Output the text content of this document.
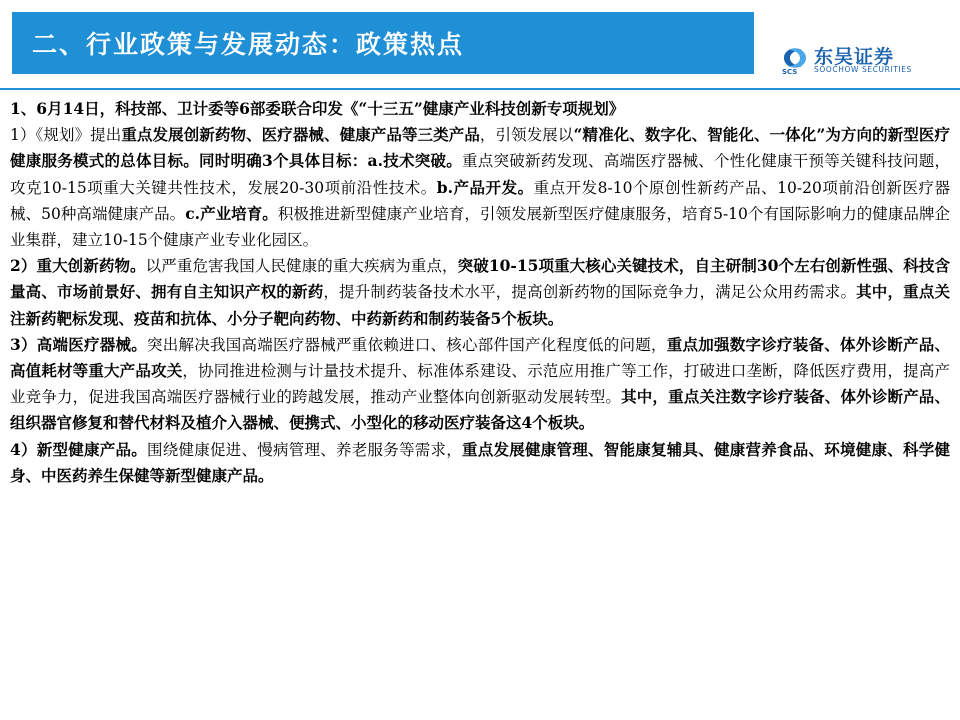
二、行业政策与发展动态：政策热点
SCS
东吴证券
SOOCHOW SECURITIES

1、6月14日，科技部、卫计委等6部委联合印发《“十三五”健康产业科技创新专项规划》

1）《规划》提出重点发展创新药物、医疗器械、健康产品等三类产品，引领发展以“精准化、数字化、智能化、一体化”为方向的新型医疗健康服务模式的总体目标。同时明确3个具体目标：a.技术突破。重点突破新药发现、高端医疗器械、个性化健康干预等关键科技问题，攻克10-15项重大关键共性技术，发展20-30项前沿性技术。b.产品开发。重点开发8-10个原创性新药产品、10-20项前沿创新医疗器械、50种高端健康产品。c.产业培育。积极推进新型健康产业培育，引领发展新型医疗健康服务，培育5-10个有国际影响力的健康品牌企业集群，建立10-15个健康产业专业化园区。

2）重大创新药物。以严重危害我国人民健康的重大疾病为重点，突破10-15项重大核心关键技术，自主研制30个左右创新性强、科技含量高、市场前景好、拥有自主知识产权的新药，提升制药装备技术水平，提高创新药物的国际竞争力，满足公众用药需求。其中，重点关注新药靶标发现、疫苗和抗体、小分子靶向药物、中药新药和制药装备5个板块。

3）高端医疗器械。突出解决我国高端医疗器械严重依赖进口、核心部件国产化程度低的问题，重点加强数字诊疗装备、体外诊断产品、高值耗材等重大产品攻关，协同推进检测与计量技术提升、标准体系建设、示范应用推广等工作，打破进口垄断，降低医疗费用，提高产业竞争力，促进我国高端医疗器械行业的跨越发展，推动产业整体向创新驱动发展转型。其中，重点关注数字诊疗装备、体外诊断产品、组织器官修复和替代材料及植介入器械、便携式、小型化的移动医疗装备这4个板块。

4）新型健康产品。围绕健康促进、慢病管理、养老服务等需求，重点发展健康管理、智能康复辅具、健康营养食品、环境健康、科学健身、中医药养生保健等新型健康产品。
